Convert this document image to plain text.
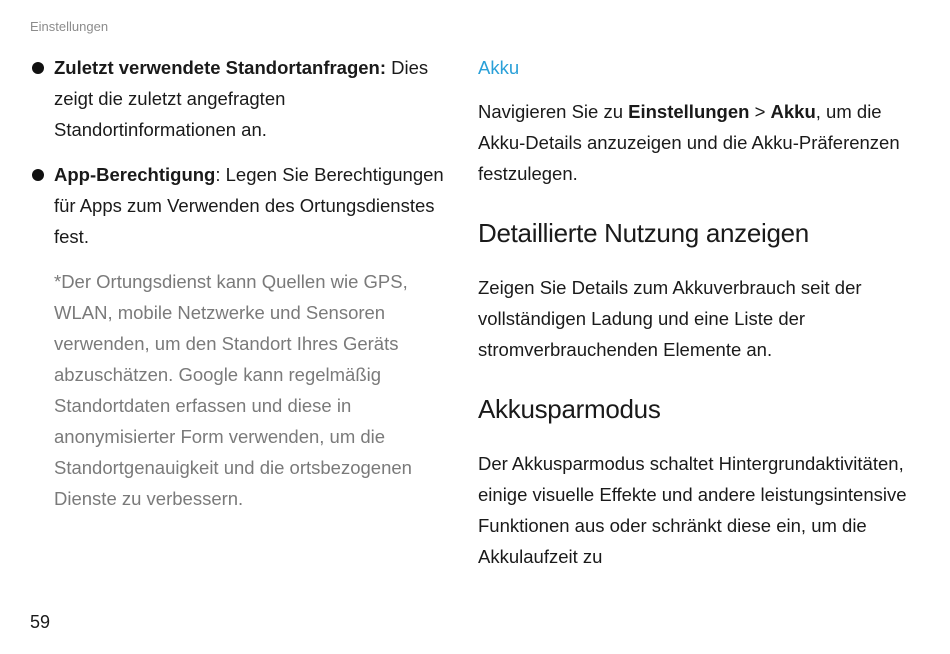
Einstellungen
Zuletzt verwendete Standortanfragen: Dies zeigt die zuletzt angefragten Standortinformationen an.
App-Berechtigung: Legen Sie Berechtigungen für Apps zum Verwenden des Ortungsdienstes fest.
*Der Ortungsdienst kann Quellen wie GPS, WLAN, mobile Netzwerke und Sensoren verwenden, um den Standort Ihres Geräts abzuschätzen. Google kann regelmäßig Standortdaten erfassen und diese in anonymisierter Form verwenden, um die Standortgenauigkeit und die ortsbezogenen Dienste zu verbessern.
Akku
Navigieren Sie zu Einstellungen > Akku, um die Akku-Details anzuzeigen und die Akku-Präferenzen festzulegen.
Detaillierte Nutzung anzeigen
Zeigen Sie Details zum Akkuverbrauch seit der vollständigen Ladung und eine Liste der stromverbrauchenden Elemente an.
Akkusparmodus
Der Akkusparmodus schaltet Hintergrundaktivitäten, einige visuelle Effekte und andere leistungsintensive Funktionen aus oder schränkt diese ein, um die Akkulaufzeit zu
59
